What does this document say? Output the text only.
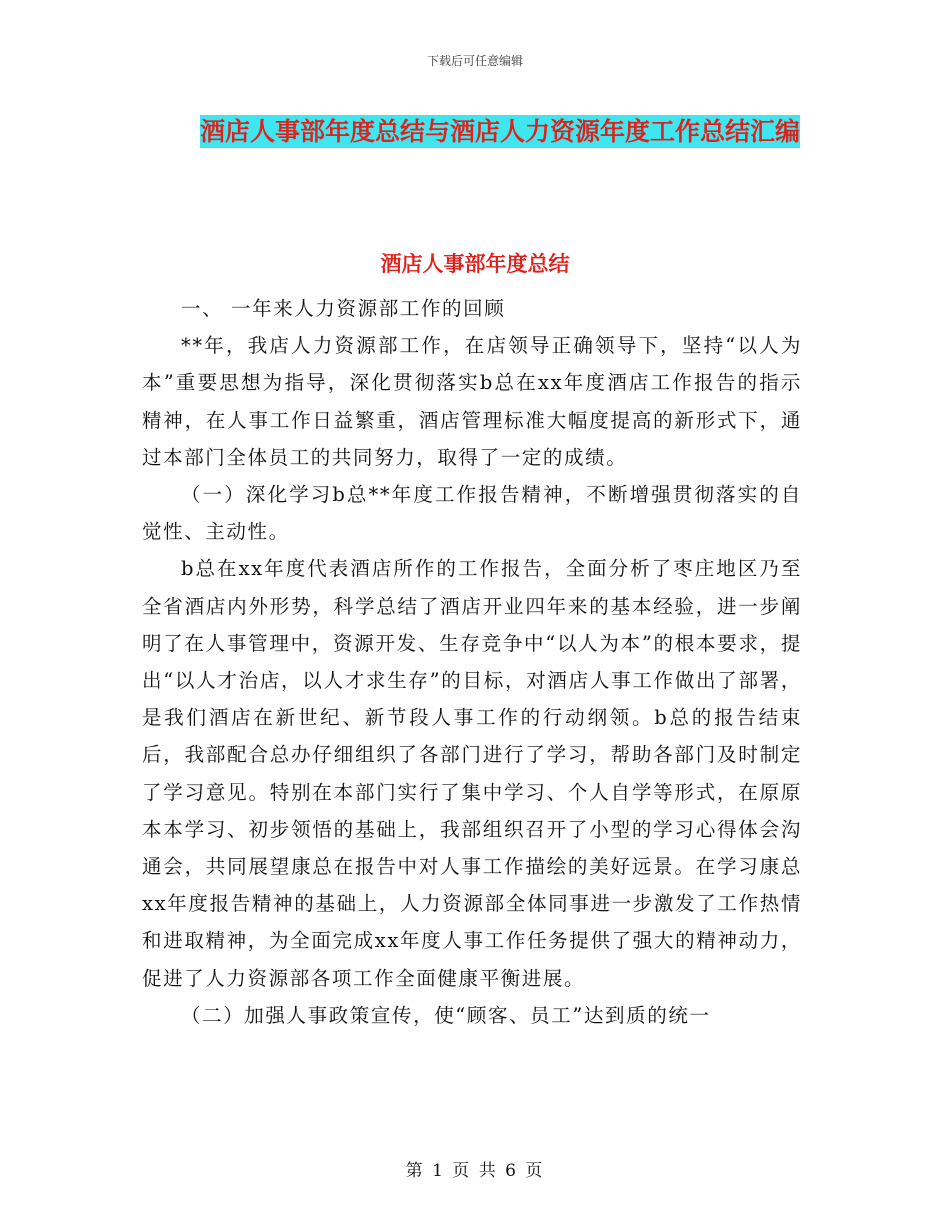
下载后可任意编辑
酒店人事部年度总结与酒店人力资源年度工作总结汇编
酒店人事部年度总结

一、 一年来人力资源部工作的回顾

**年，我店人力资源部工作，在店领导正确领导下，坚持“以人为本”重要思想为指导，深化贯彻落实b总在xx年度酒店工作报告的指示精神，在人事工作日益繁重，酒店管理标准大幅度提高的新形式下，通过本部门全体员工的共同努力，取得了一定的成绩。

（一）深化学习b总**年度工作报告精神，不断增强贯彻落实的自觉性、主动性。

b总在xx年度代表酒店所作的工作报告，全面分析了枣庄地区乃至全省酒店内外形势，科学总结了酒店开业四年来的基本经验，进一步阐明了在人事管理中，资源开发、生存竞争中“以人为本”的根本要求，提出“以人才治店，以人才求生存”的目标，对酒店人事工作做出了部署，是我们酒店在新世纪、新节段人事工作的行动纲领。b总的报告结束后，我部配合总办仔细组织了各部门进行了学习，帮助各部门及时制定了学习意见。特别在本部门实行了集中学习、个人自学等形式，在原原本本学习、初步领悟的基础上，我部组织召开了小型的学习心得体会沟通会，共同展望康总在报告中对人事工作描绘的美好远景。在学习康总xx年度报告精神的基础上，人力资源部全体同事进一步激发了工作热情和进取精神，为全面完成xx年度人事工作任务提供了强大的精神动力，促进了人力资源部各项工作全面健康平衡进展。

（二）加强人事政策宣传，使“顾客、员工”达到质的统一

第 1 页 共 6 页
